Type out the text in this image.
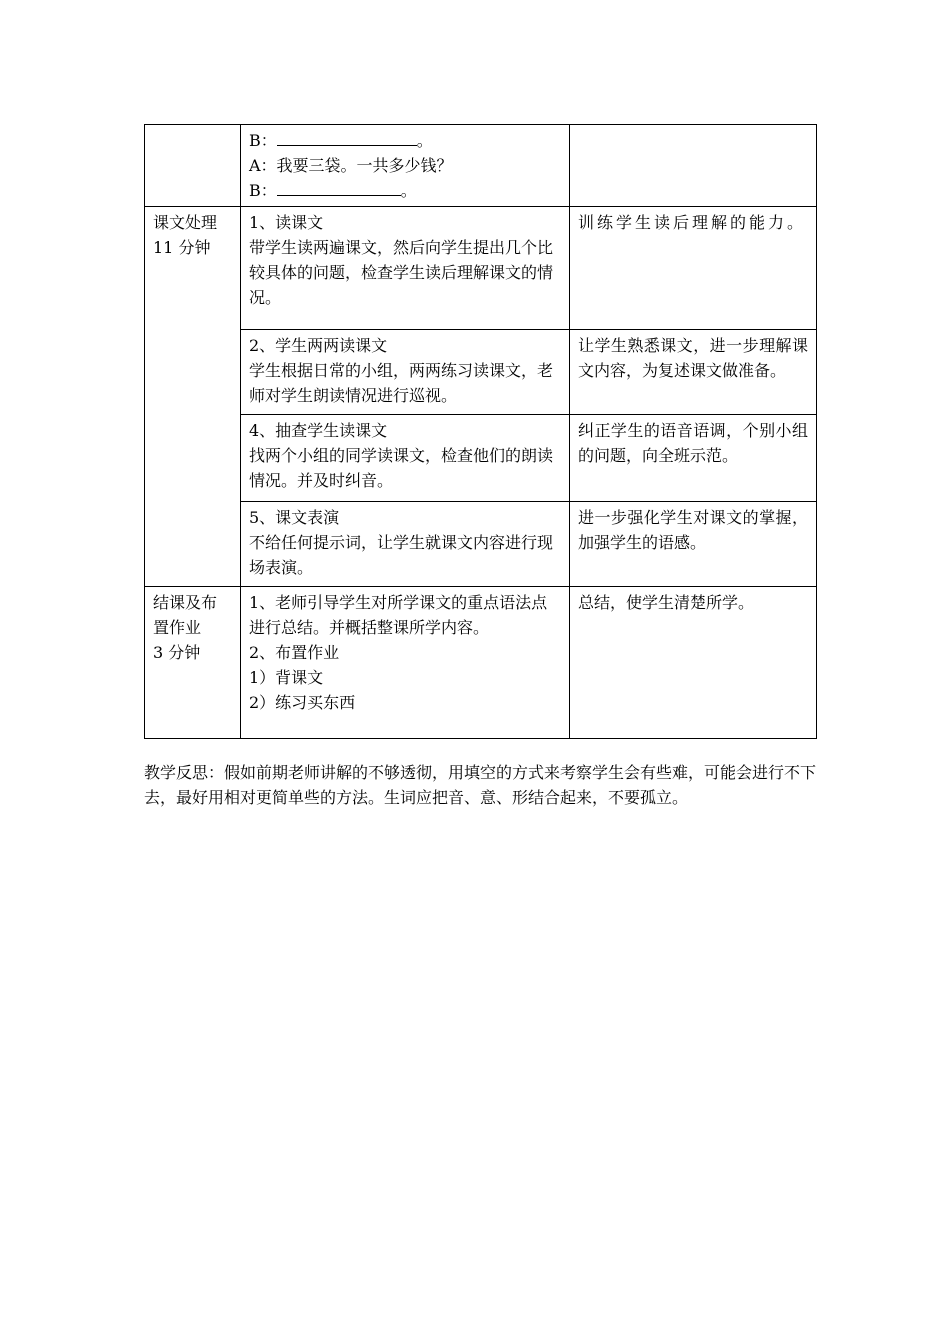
	B： 。
A：我要三袋。一共多少钱？
B： 。	

课文处理
11 分钟	1、读课文
带学生读两遍课文，然后向学生提出几个比较具体的问题，检查学生读后理解课文的情况。	训练学生读后理解的能力。

	2、学生两两读课文
学生根据日常的小组，两两练习读课文，老师对学生朗读情况进行巡视。	让学生熟悉课文，进一步理解课文内容，为复述课文做准备。

	4、抽查学生读课文
找两个小组的同学读课文，检查他们的朗读情况。并及时纠音。	纠正学生的语音语调，个别小组的问题，向全班示范。

	5、课文表演
不给任何提示词，让学生就课文内容进行现场表演。	进一步强化学生对课文的掌握，加强学生的语感。

结课及布
置作业
3 分钟	1、老师引导学生对所学课文的重点语法点进行总结。并概括整课所学内容。
2、布置作业
1）背课文
2）练习买东西	总结，使学生清楚所学。
教学反思：假如前期老师讲解的不够透彻，用填空的方式来考察学生会有些难，可能会进行不下去，最好用相对更简单些的方法。生词应把音、意、形结合起来，不要孤立。
